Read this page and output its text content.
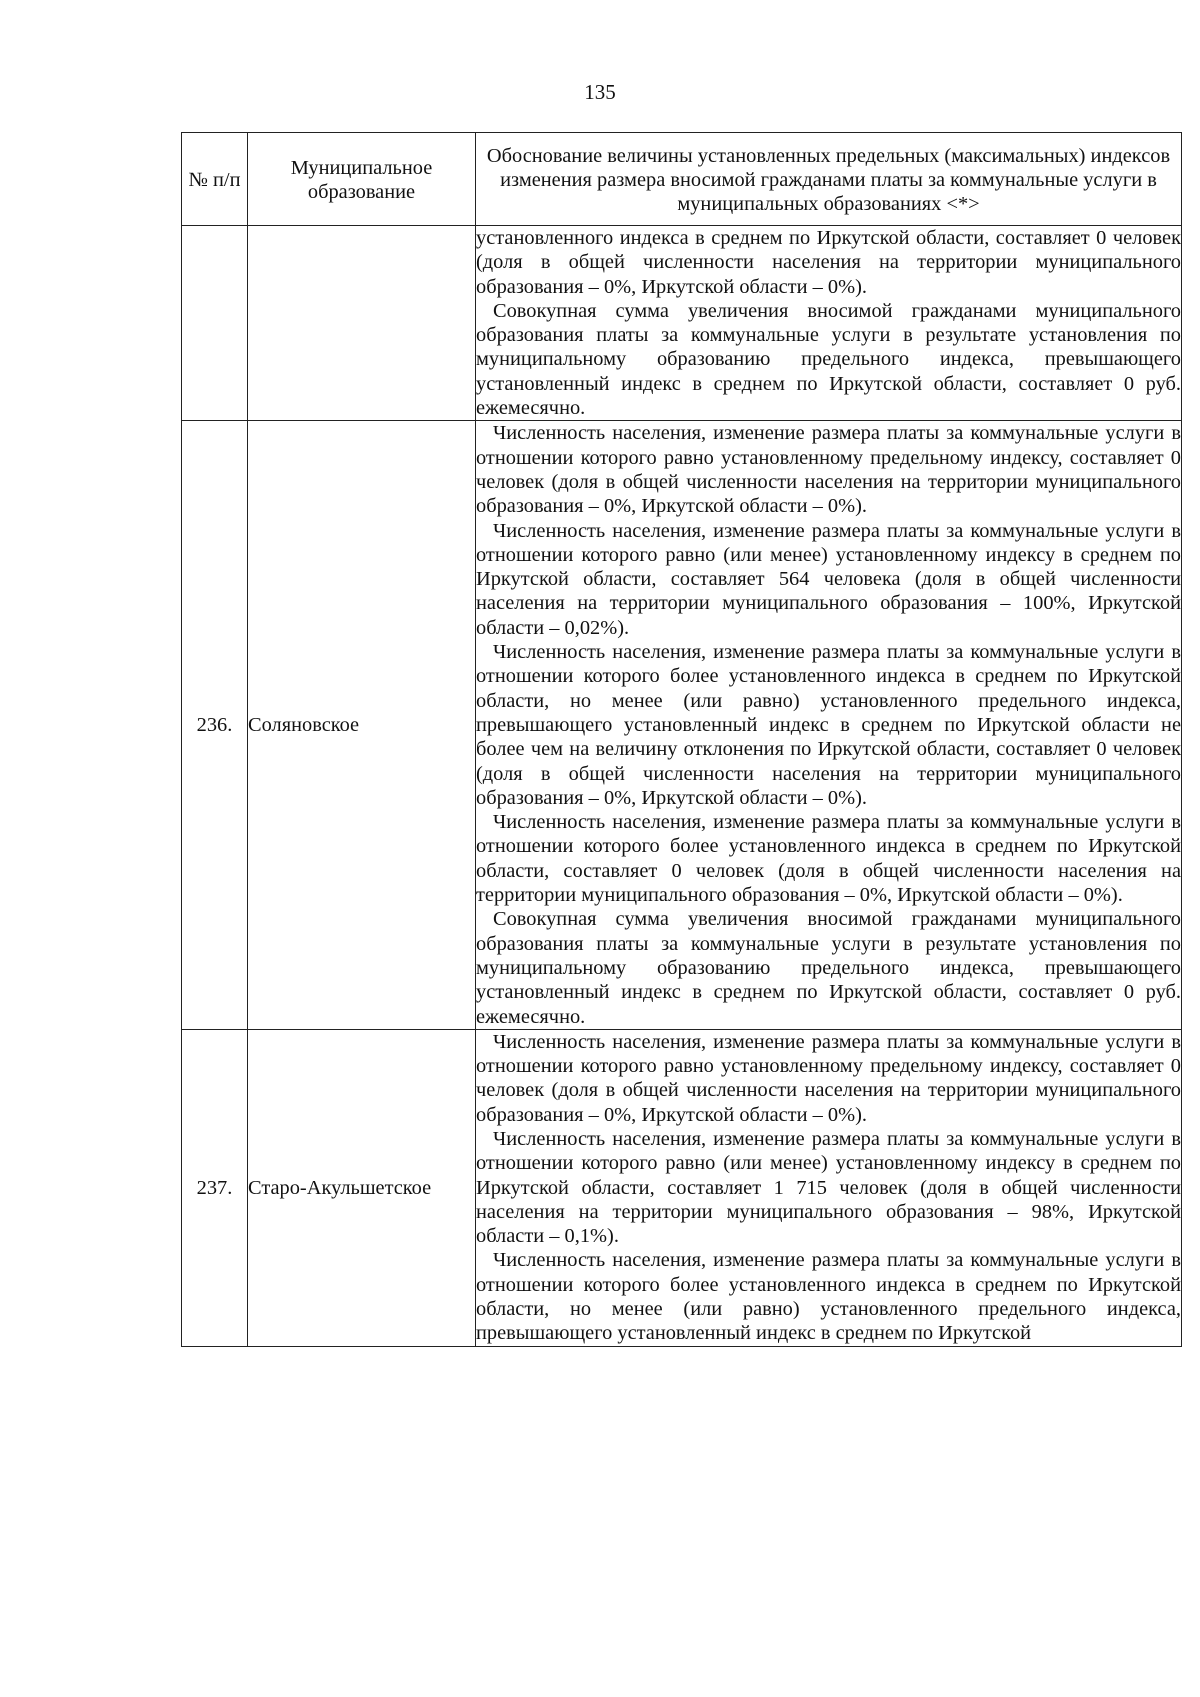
135
№ п/п	Муниципальное образование	Обоснование величины установленных предельных (максимальных) индексов изменения размера вносимой гражданами платы за коммунальные услуги в муниципальных образованиях <*>

		установленного индекса в среднем по Иркутской области, составляет 0 человек (доля в общей численности населения на территории муниципального образования – 0%, Иркутской области – 0%).

Совокупная сумма увеличения вносимой гражданами муниципального образования платы за коммунальные услуги в результате установления по муниципальному образованию предельного индекса, превышающего установленный индекс в среднем по Иркутской области, составляет 0 руб. ежемесячно.

236.	Соляновское	Численность населения, изменение размера платы за коммунальные услуги в отношении которого равно установленному предельному индексу, составляет 0 человек (доля в общей численности населения на территории муниципального образования – 0%, Иркутской области – 0%).

Численность населения, изменение размера платы за коммунальные услуги в отношении которого равно (или менее) установленному индексу в среднем по Иркутской области, составляет 564 человека (доля в общей численности населения на территории муниципального образования – 100%, Иркутской области – 0,02%).

Численность населения, изменение размера платы за коммунальные услуги в отношении которого более установленного индекса в среднем по Иркутской области, но менее (или равно) установленного предельного индекса, превышающего установленный индекс в среднем по Иркутской области не более чем на величину отклонения по Иркутской области, составляет 0 человек (доля в общей численности населения на территории муниципального образования – 0%, Иркутской области – 0%).

Численность населения, изменение размера платы за коммунальные услуги в отношении которого более установленного индекса в среднем по Иркутской области, составляет 0 человек (доля в общей численности населения на территории муниципального образования – 0%, Иркутской области – 0%).

Совокупная сумма увеличения вносимой гражданами муниципального образования платы за коммунальные услуги в результате установления по муниципальному образованию предельного индекса, превышающего установленный индекс в среднем по Иркутской области, составляет 0 руб. ежемесячно.

237.	Старо-Акульшетское	Численность населения, изменение размера платы за коммунальные услуги в отношении которого равно установленному предельному индексу, составляет 0 человек (доля в общей численности населения на территории муниципального образования – 0%, Иркутской области – 0%).

Численность населения, изменение размера платы за коммунальные услуги в отношении которого равно (или менее) установленному индексу в среднем по Иркутской области, составляет 1 715 человек (доля в общей численности населения на территории муниципального образования – 98%, Иркутской области – 0,1%).

Численность населения, изменение размера платы за коммунальные услуги в отношении которого более установленного индекса в среднем по Иркутской области, но менее (или равно) установленного предельного индекса, превышающего установленный индекс в среднем по Иркутской
